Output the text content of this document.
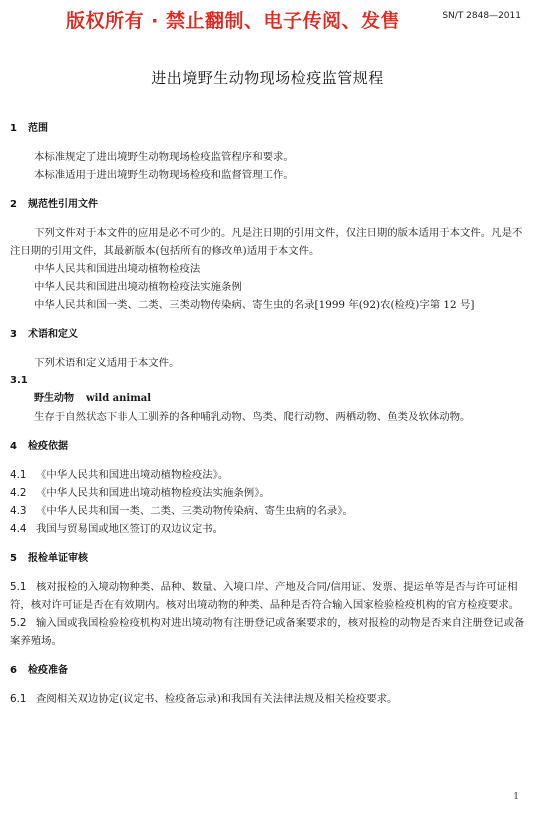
版权所有 · 禁止翻制、电子传阅、发售	SN/T 2848—2011
进出境野生动物现场检疫监管规程
1 范围

本标准规定了进出境野生动物现场检疫监管程序和要求。

本标准适用于进出境野生动物现场检疫和监督管理工作。

2 规范性引用文件

下列文件对于本文件的应用是必不可少的。凡是注日期的引用文件，仅注日期的版本适用于本文件。凡是不注日期的引用文件，其最新版本(包括所有的修改单)适用于本文件。

中华人民共和国进出境动植物检疫法

中华人民共和国进出境动植物检疫法实施条例

中华人民共和国一类、二类、三类动物传染病、寄生虫的名录[1999 年(92)农(检疫)字第 12 号]

3 术语和定义

下列术语和定义适用于本文件。

3.1

野生动物 wild animal

生存于自然状态下非人工驯养的各种哺乳动物、鸟类、爬行动物、两栖动物、鱼类及软体动物。

4 检疫依据

4.1 《中华人民共和国进出境动植物检疫法》。

4.2 《中华人民共和国进出境动植物检疫法实施条例》。

4.3 《中华人民共和国一类、二类、三类动物传染病、寄生虫病的名录》。

4.4 我国与贸易国或地区签订的双边议定书。

5 报检单证审核

5.1 核对报检的入境动物种类、品种、数量、入境口岸、产地及合同/信用证、发票、提运单等是否与许可证相符，核对许可证是否在有效期内。核对出境动物的种类、品种是否符合输入国家检验检疫机构的官方检疫要求。

5.2 输入国或我国检验检疫机构对进出境动物有注册登记或备案要求的，核对报检的动物是否来自注册登记或备案养殖场。

6 检疫准备

6.1 查阅相关双边协定(议定书、检疫备忘录)和我国有关法律法规及相关检疫要求。

1
